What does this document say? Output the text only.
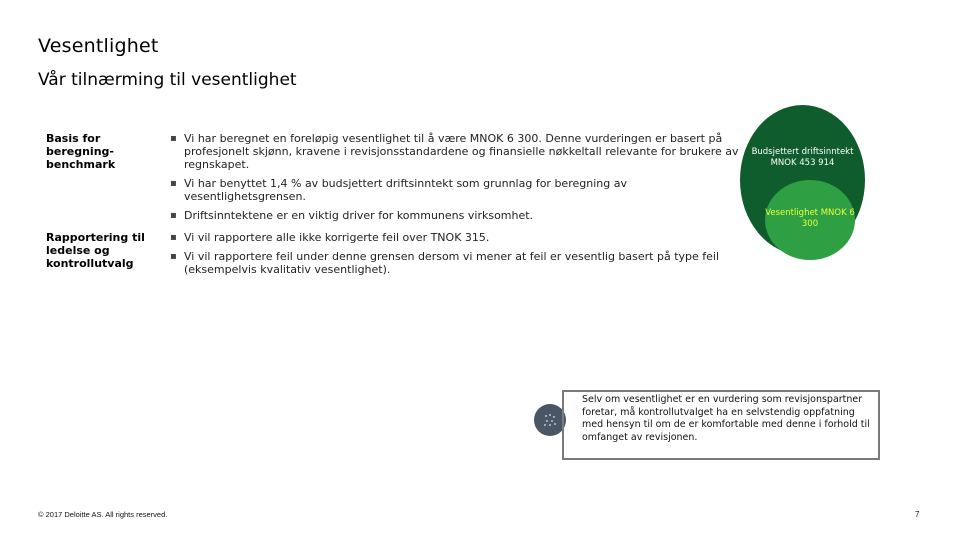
Vesentlighet
Vår tilnærming til vesentlighet
Basis for beregning-benchmark
▪ Vi har beregnet en foreløpig vesentlighet til å være MNOK 6 300. Denne vurderingen er basert på profesjonelt skjønn, kravene i revisjonsstandardene og finansielle nøkkeltall relevante for brukere av regnskapet.
▪ Vi har benyttet 1,4 % av budsjettert driftsinntekt som grunnlag for beregning av vesentlighetsgrensen.
▪ Driftsinntektene er en viktig driver for kommunens virksomhet.
Rapportering til ledelse og kontrollutvalg
▪ Vi vil rapportere alle ikke korrigerte feil over TNOK 315.
▪ Vi vil rapportere feil under denne grensen dersom vi mener at feil er vesentlig basert på type feil (eksempelvis kvalitativ vesentlighet).
Budsjettert driftsinntekt MNOK 453 914
Vesentlighet MNOK 6 300
Selv om vesentlighet er en vurdering som revisjonspartner foretar, må kontrollutvalget ha en selvstendig oppfatning med hensyn til om de er komfortable med denne i forhold til omfanget av revisjonen.
© 2017 Deloitte AS. All rights reserved.	7
